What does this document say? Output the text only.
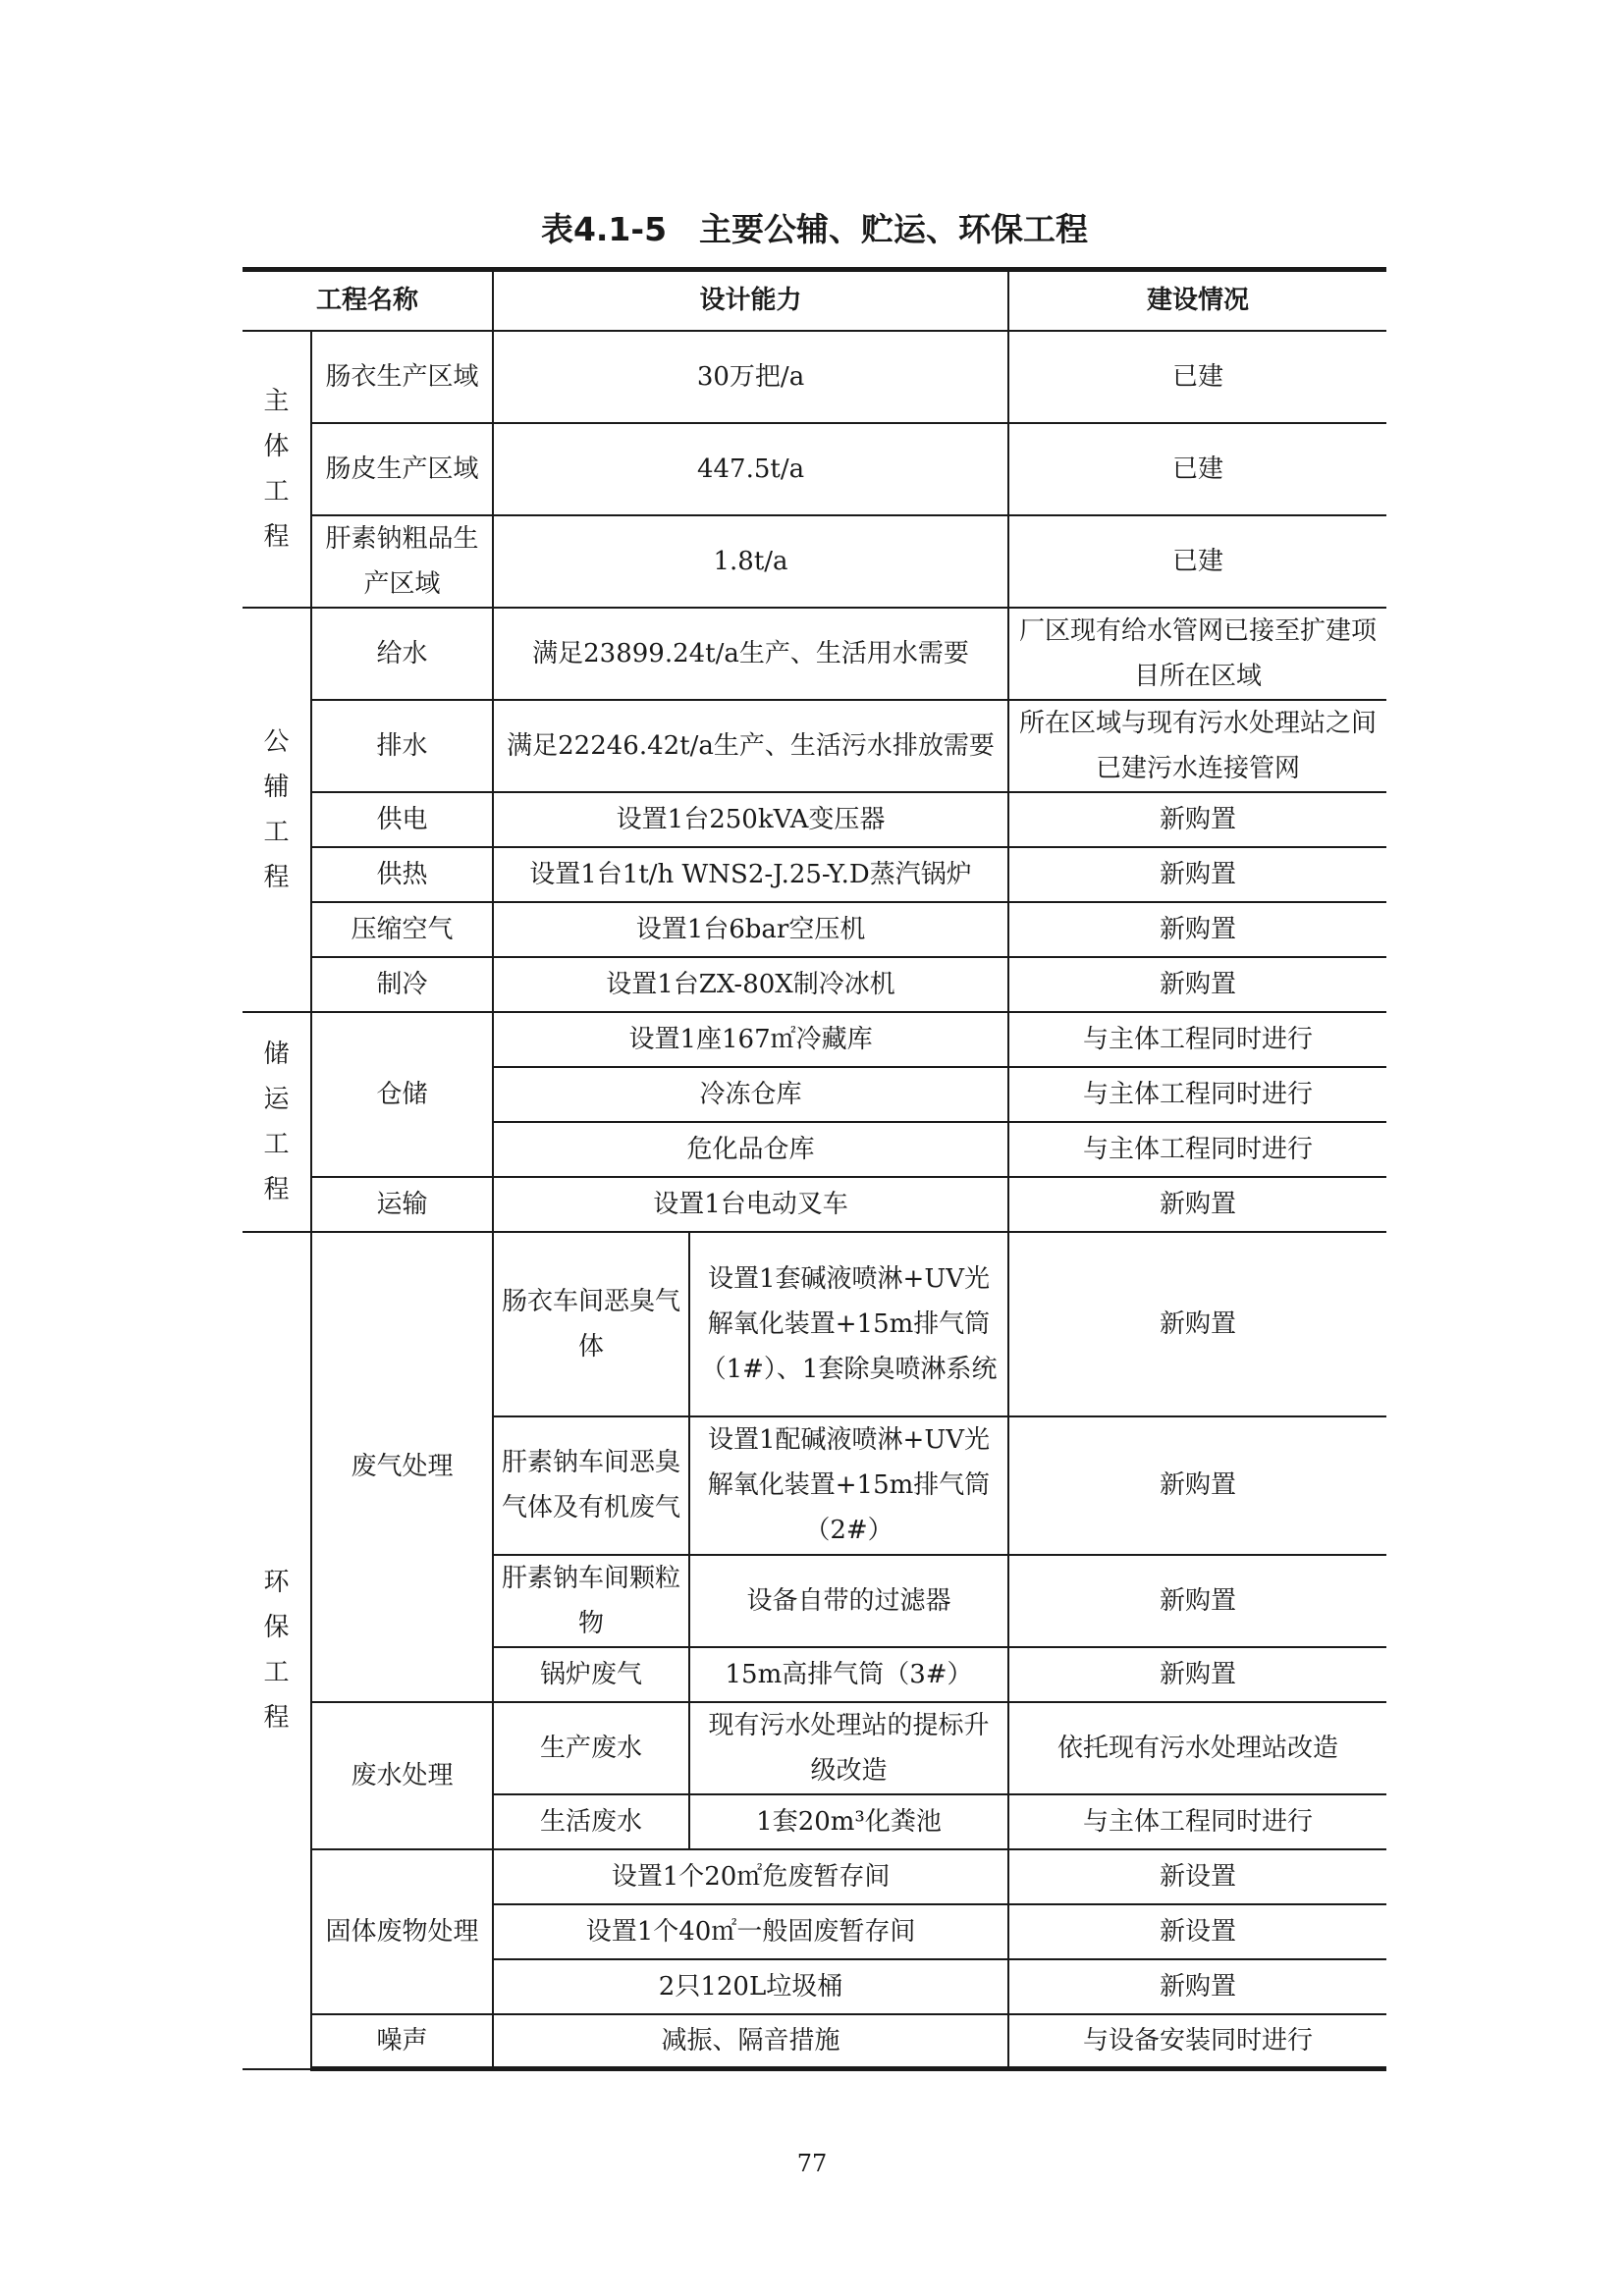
表4.1-5　主要公辅、贮运、环保工程
工程名称		设计能力		建设情况
主体工程	肠衣生产区域	30万把/a		已建
	肠皮生产区域	447.5t/a		已建
	肝素钠粗品生产区域	1.8t/a		已建
公辅工程	给水	满足23899.24t/a生产、生活用水需要		厂区现有给水管网已接至扩建项目所在区域
	排水	满足22246.42t/a生产、生活污水排放需要		所在区域与现有污水处理站之间已建污水连接管网
	供电	设置1台250kVA变压器		新购置
	供热	设置1台1t/h WNS2-J.25-Y.D蒸汽锅炉		新购置
	压缩空气	设置1台6bar空压机		新购置
	制冷	设置1台ZX-80X制冷冰机		新购置
储运工程	仓储	设置1座167㎡冷藏库		与主体工程同时进行
		冷冻仓库		与主体工程同时进行
		危化品仓库		与主体工程同时进行
	运输	设置1台电动叉车		新购置
环保工程	废气处理	肠衣车间恶臭气体	设置1套碱液喷淋+UV光解氧化装置+15m排气筒（1#）、1套除臭喷淋系统	新购置
		肝素钠车间恶臭气体及有机废气	设置1配碱液喷淋+UV光解氧化装置+15m排气筒（2#）	新购置
		肝素钠车间颗粒物	设备自带的过滤器	新购置
		锅炉废气	15m高排气筒（3#）	新购置
	废水处理	生产废水	现有污水处理站的提标升级改造	依托现有污水处理站改造
		生活废水	1套20m³化粪池	与主体工程同时进行
	固体废物处理	设置1个20㎡危废暂存间		新设置
		设置1个40㎡一般固废暂存间		新设置
		2只120L垃圾桶		新购置
	噪声	减振、隔音措施		与设备安装同时进行
77
